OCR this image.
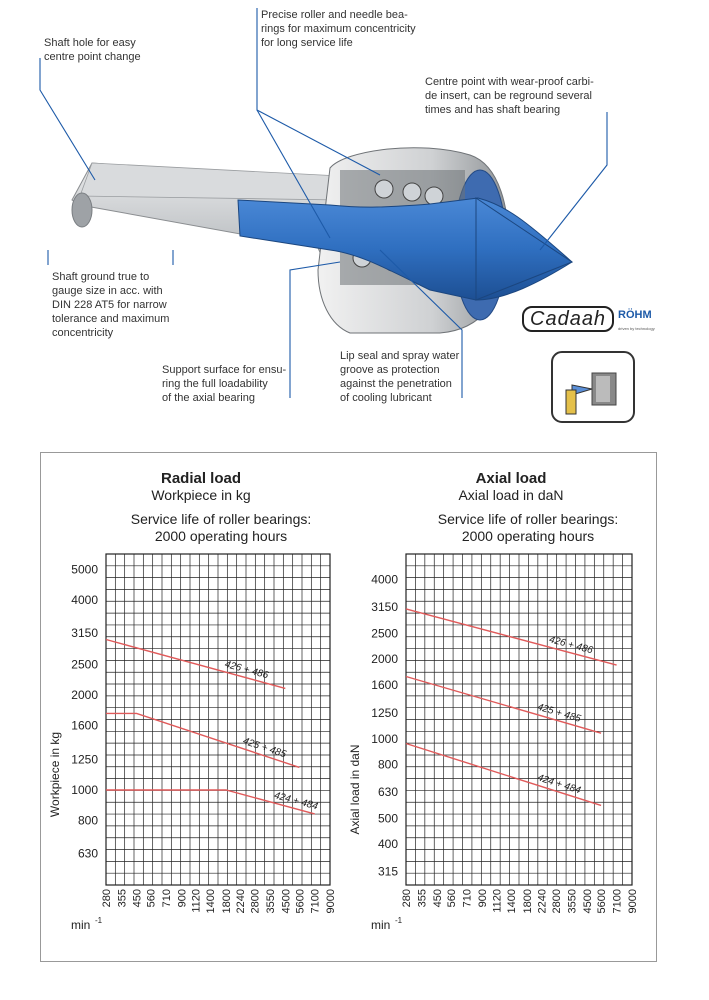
Shaft hole for easy
centre point change
Precise roller and needle bea-
rings for maximum concentricity
for long service life
Centre point with wear-proof carbi-
de insert, can be reground several
times and has shaft bearing
Shaft ground true to
gauge size in acc. with
DIN 228 AT5 for narrow
tolerance and maximum
concentricity
Support surface for ensu-
ring the full loadability
of the axial bearing
Lip seal and spray water
groove as protection
against the penetration
of cooling lubricant
Cadaah	RÖHM
driven by technology
Radial load
Workpiece in kg
Service life of roller bearings:
2000 operating hours
Axial load
Axial load in daN
Service life of roller bearings:
2000 operating hours
630
800
1000
1250
1600
2000
2500
3150
4000
5000
280 355 450 560 710 900 1120 1400 1800 2240 2800 3550 4500 5600 7100 9000
Workpiece in kg
min -1
426 + 486
425 + 485
424 + 484
315
400
500
630
800
1000
1250
1600
2000
2500
3150
4000
280 355 450 560 710 900 1120 1400 1800 2240 2800 3550 4500 5600 7100 9000
Axial load in daN
min -1
426 + 486
425 + 485
424 + 484
